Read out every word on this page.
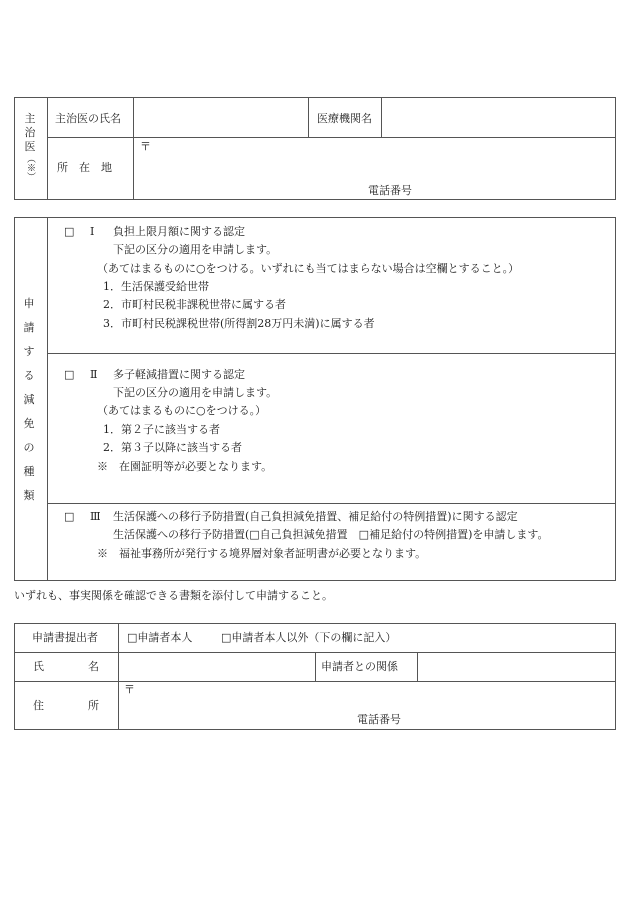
主
治
医
（※）
主治医の氏名	医療機関名
所　在　地
〒
電話番号
申
請
す
る
減
免
の
種
類
□ Ⅰ 負担上限月額に関する認定
下記の区分の適用を申請します。
（あてはまるものに○をつける。いずれにも当てはまらない場合は空欄とすること。）
1．生活保護受給世帯
2．市町村民税非課税世帯に属する者
3．市町村民税課税世帯(所得割28万円未満)に属する者
□ Ⅱ 多子軽減措置に関する認定
下記の区分の適用を申請します。
（あてはまるものに○をつける。）
1．第２子に該当する者
2．第３子以降に該当する者
※　在園証明等が必要となります。
□ Ⅲ 生活保護への移行予防措置(自己負担減免措置、補足給付の特例措置)に関する認定
生活保護への移行予防措置(□自己負担減免措置　□補足給付の特例措置)を申請します。
※　福祉事務所が発行する境界層対象者証明書が必要となります。
いずれも、事実関係を確認できる書類を添付して申請すること。
申請書提出者	□申請者本人	□申請者本人以外（下の欄に記入）
氏　　　　名	申請者との関係
住　　　　所
〒
電話番号
